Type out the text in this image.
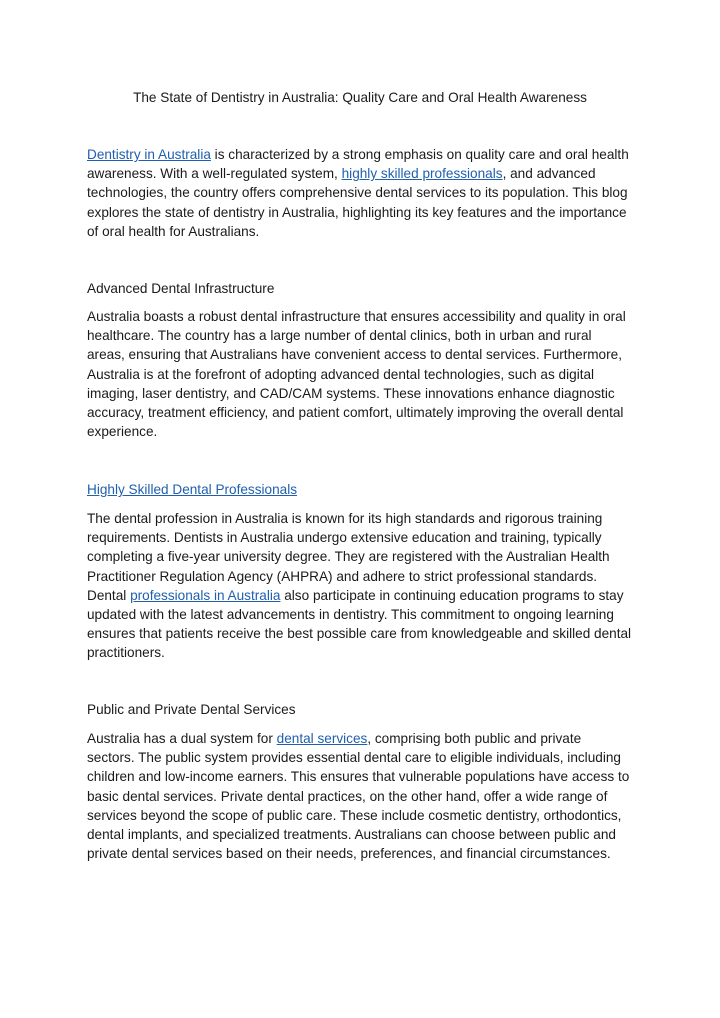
The State of Dentistry in Australia: Quality Care and Oral Health Awareness

Dentistry in Australia is characterized by a strong emphasis on quality care and oral health awareness. With a well-regulated system, highly skilled professionals, and advanced technologies, the country offers comprehensive dental services to its population. This blog explores the state of dentistry in Australia, highlighting its key features and the importance of oral health for Australians.

Advanced Dental Infrastructure

Australia boasts a robust dental infrastructure that ensures accessibility and quality in oral healthcare. The country has a large number of dental clinics, both in urban and rural areas, ensuring that Australians have convenient access to dental services. Furthermore, Australia is at the forefront of adopting advanced dental technologies, such as digital imaging, laser dentistry, and CAD/CAM systems. These innovations enhance diagnostic accuracy, treatment efficiency, and patient comfort, ultimately improving the overall dental experience.

Highly Skilled Dental Professionals

The dental profession in Australia is known for its high standards and rigorous training requirements. Dentists in Australia undergo extensive education and training, typically completing a five-year university degree. They are registered with the Australian Health Practitioner Regulation Agency (AHPRA) and adhere to strict professional standards. Dental professionals in Australia also participate in continuing education programs to stay updated with the latest advancements in dentistry. This commitment to ongoing learning ensures that patients receive the best possible care from knowledgeable and skilled dental practitioners.

Public and Private Dental Services

Australia has a dual system for dental services, comprising both public and private sectors. The public system provides essential dental care to eligible individuals, including children and low-income earners. This ensures that vulnerable populations have access to basic dental services. Private dental practices, on the other hand, offer a wide range of services beyond the scope of public care. These include cosmetic dentistry, orthodontics, dental implants, and specialized treatments. Australians can choose between public and private dental services based on their needs, preferences, and financial circumstances.
